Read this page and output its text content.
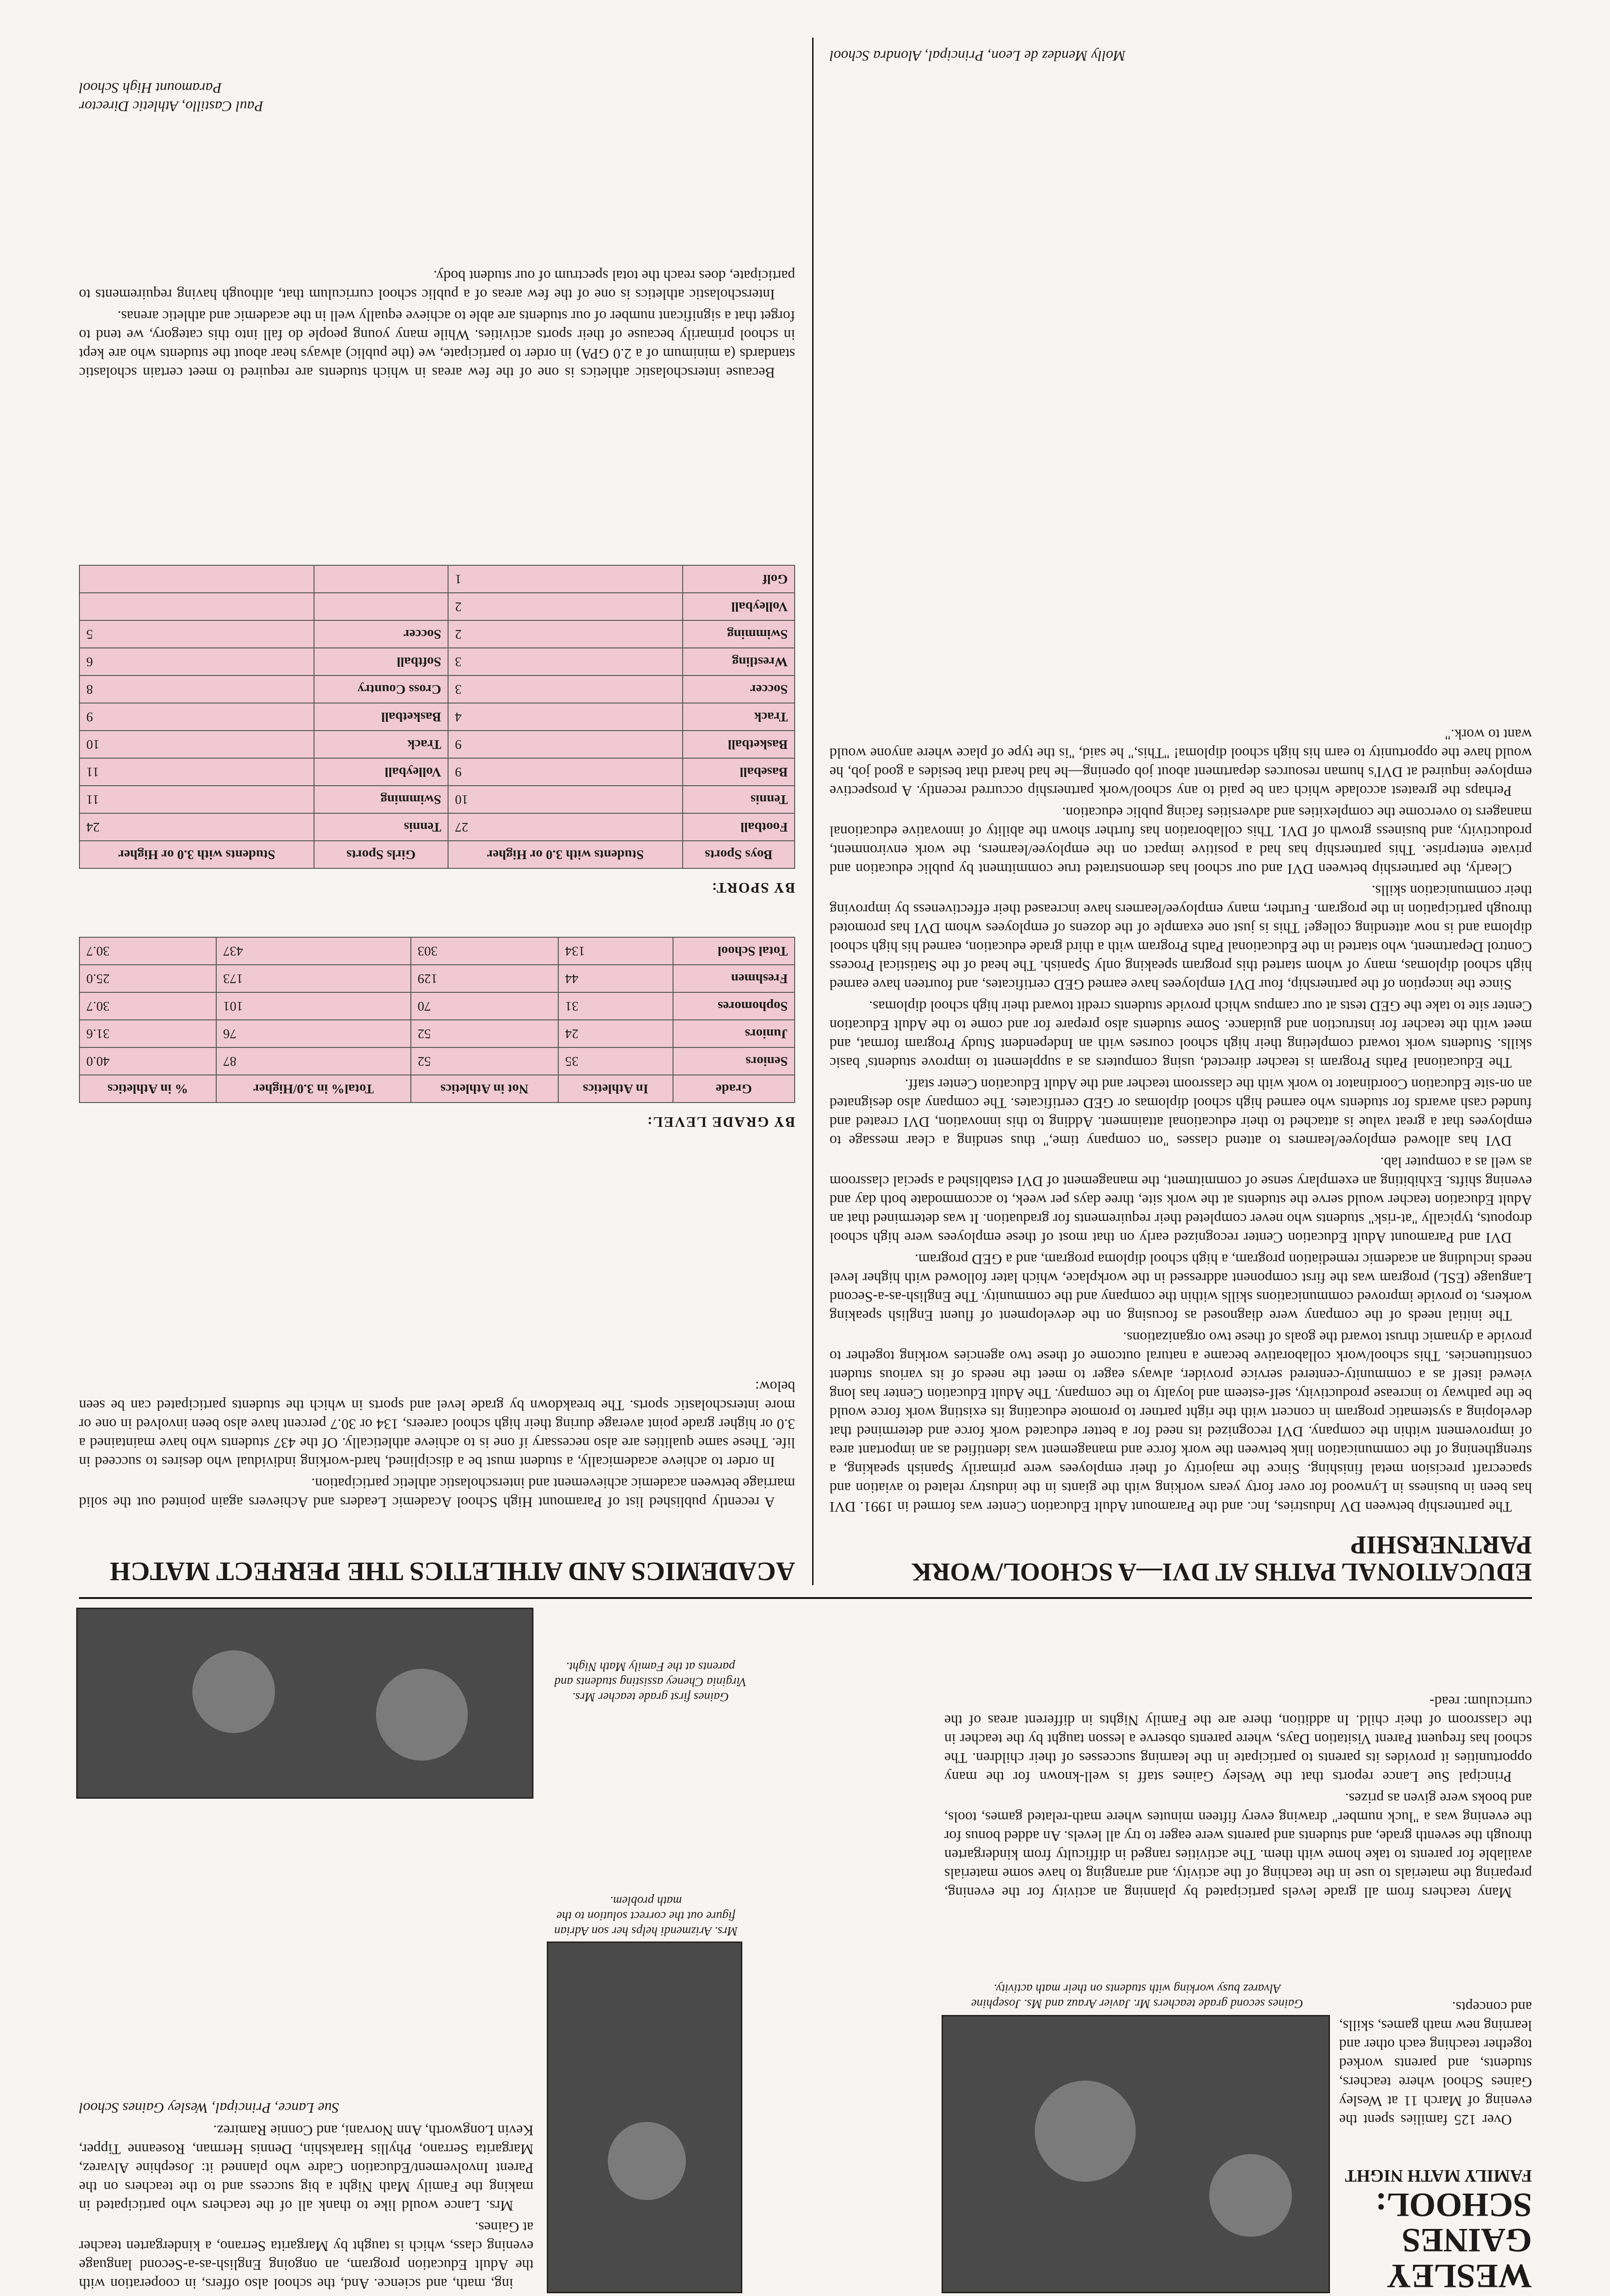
WESLEY GAINES SCHOOL:
FAMILY MATH NIGHT

Over 125 families spent the evening of March 11 at Wesley Gaines School where teachers, students, and parents worked together teaching each other and learning new math games, skills, and concepts.

Gaines second grade teachers Mr. Javier Arauz and Ms. Josephine Alvarez busy working with students on their math activity.

Many teachers from all grade levels participated by planning an activity for the evening, preparing the materials to use in the teaching of the activity, and arranging to have some materials available for parents to take home with them. The activities ranged in difficulty from kindergarten through the seventh grade, and students and parents were eager to try all levels. An added bonus for the evening was a "luck number" drawing every fifteen minutes where math-related games, tools, and books were given as prizes.

Principal Sue Lance reports that the Wesley Gaines staff is well-known for the many opportunities it provides its parents to participate in the learning successes of their children. The school has frequent Parent Visitation Days, where parents observe a lesson taught by the teacher in the classroom of their child. In addition, there are the Family Nights in different areas of the curriculum: read-

ing, math, and science. And, the school also offers, in cooperation with the Adult Education program, an ongoing English-as-a-Second language evening class, which is taught by Margarita Serrano, a kindergarten teacher at Gaines.

Mrs. Lance would like to thank all of the teachers who participated in making the Family Math Night a big success and to the teachers on the Parent Involvement/Education Cadre who planned it: Josephine Alvarez, Margarita Serrano, Phyllis Harakshin, Dennis Herman, Roseanne Tipper, Kevin Longworth, Ann Norvani, and Connie Ramirez.

Sue Lance, Principal, Wesley Gaines School
Mrs. Arizmendi helps her son Adrian figure out the correct solution to the math problem.
Gaines first grade teacher Mrs. Virginia Cheney assisting students and parents at the Family Math Night.
EDUCATIONAL PATHS AT DVI—A SCHOOL/WORK PARTNERSHIP

The partnership between DV Industries, Inc. and the Paramount Adult Education Center was formed in 1991. DVI has been in business in Lynwood for over forty years working with the giants in the industry related to aviation and spacecraft precision metal finishing. Since the majority of their employees were primarily Spanish speaking, a strengthening of the communication link between the work force and management was identified as an important area of improvement within the company. DVI recognized its need for a better educated work force and determined that developing a systematic program in concert with the right partner to promote educating its existing work force would be the pathway to increase productivity, self-esteem and loyalty to the company. The Adult Education Center has long viewed itself as a community-centered service provider, always eager to meet the needs of its various student constituencies. This school/work collaborative became a natural outcome of these two agencies working together to provide a dynamic thrust toward the goals of these two organizations.

The initial needs of the company were diagnosed as focusing on the development of fluent English speaking workers, to provide improved communications skills within the company and the community. The English-as-a-Second Language (ESL) program was the first component addressed in the workplace, which later followed with higher level needs including an academic remediation program, a high school diploma program, and a GED program.

DVI and Paramount Adult Education Center recognized early on that most of these employees were high school dropouts, typically "at-risk" students who never completed their requirements for graduation. It was determined that an Adult Education teacher would serve the students at the work site, three days per week, to accommodate both day and evening shifts. Exhibiting an exemplary sense of commitment, the management of DVI established a special classroom as well as a computer lab.

DVI has allowed employee/learners to attend classes "on company time," thus sending a clear message to employees that a great value is attached to their educational attainment. Adding to this innovation, DVI created and funded cash awards for students who earned high school diplomas or GED certificates. The company also designated an on-site Education Coordinator to work with the classroom teacher and the Adult Education Center staff.

The Educational Paths Program is teacher directed, using computers as a supplement to improve students' basic skills. Students work toward completing their high school courses with an Independent Study Program format, and meet with the teacher for instruction and guidance. Some students also prepare for and come to the Adult Education Center site to take the GED tests at our campus which provide students credit toward their high school diplomas.

Since the inception of the partnership, four DVI employees have earned GED certificates, and fourteen have earned high school diplomas, many of whom started this program speaking only Spanish. The head of the Statistical Process Control Department, who started in the Educational Paths Program with a third grade education, earned his high school diploma and is now attending college! This is just one example of the dozens of employees whom DVI has promoted through participation in the program. Further, many employee/learners have increased their effectiveness by improving their communication skills.

Clearly, the partnership between DVI and our school has demonstrated true commitment by public education and private enterprise. This partnership has had a positive impact on the employee/learners, the work environment, productivity, and business growth of DVI. This collaboration has further shown the ability of innovative educational managers to overcome the complexities and adversities facing public education.

Perhaps the greatest accolade which can be paid to any school/work partnership occurred recently. A prospective employee inquired at DVI's human resources department about job opening—he had heard that besides a good job, he would have the opportunity to earn his high school diploma! "This," he said, "is the type of place where anyone would want to work."

Molly Mendez de Leon, Principal, Alondra School
ACADEMICS AND ATHLETICS THE PERFECT MATCH

A recently published list of Paramount High School Academic Leaders and Achievers again pointed out the solid marriage between academic achievement and interscholastic athletic participation.

In order to achieve academically, a student must be a disciplined, hard-working individual who desires to succeed in life. These same qualities are also necessary if one is to achieve athletically. Of the 437 students who have maintained a 3.0 or higher grade point average during their high school careers, 134 or 30.7 percent have also been involved in one or more interscholastic sports. The breakdown by grade level and sports in which the students participated can be seen below:

BY GRADE LEVEL:
Grade	In Athletics	Not in Athletics	Total% in 3.0/Higher	% in Athletics
Seniors	35	52	87	40.0
Juniors	24	52	76	31.6
Sophomores	31	70	101	30.7
Freshmen	44	129	173	25.0
Total School	134	303	437	30.7
BY SPORT:
Boys Sports	Students with 3.0 or Higher	Girls Sports	Students with 3.0 or Higher
Football	27	Tennis	24
Tennis	10	Swimming	11
Baseball	9	Volleyball	11
Basketball	9	Track	10
Track	4	Basketball	9
Soccer	3	Cross Country	8
Wrestling	3	Softball	6
Swimming	2	Soccer	5
Volleyball	2		
Golf	1		

Because interscholastic athletics is one of the few areas in which students are required to meet certain scholastic standards (a minimum of a 2.0 GPA) in order to participate, we (the public) always hear about the students who are kept in school primarily because of their sports activities. While many young people do fall into this category, we tend to forget that a significant number of our students are able to achieve equally well in the academic and athletic arenas.

Interscholastic athletics is one of the few areas of a public school curriculum that, although having requirements to participate, does reach the total spectrum of our student body.

Paul Castillo, Athletic Director
Paramount High School
